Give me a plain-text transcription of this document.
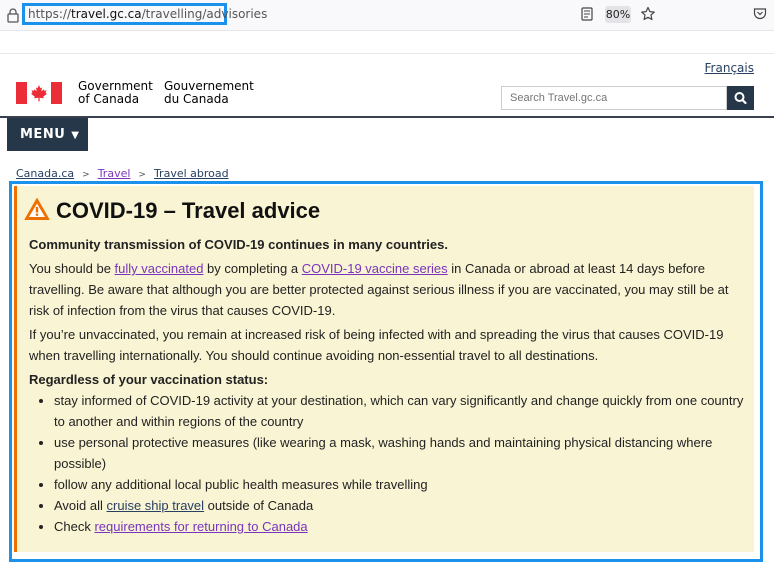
https://travel.gc.ca/travelling/advisories	80%
Français
Government
of Canada
Gouvernement
du Canada
Search Travel.gc.ca
MENU ▼
Canada.ca > Travel > Travel abroad
COVID-19 – Travel advice

Community transmission of COVID-19 continues in many countries.

You should be fully vaccinated by completing a COVID-19 vaccine series in Canada or abroad at least 14 days before travelling. Be aware that although you are better protected against serious illness if you are vaccinated, you may still be at risk of infection from the virus that causes COVID-19.

If you’re unvaccinated, you remain at increased risk of being infected with and spreading the virus that causes COVID-19 when travelling internationally. You should continue avoiding non-essential travel to all destinations.

Regardless of your vaccination status:

• stay informed of COVID-19 activity at your destination, which can vary significantly and change quickly from one country to another and within regions of the country
• use personal protective measures (like wearing a mask, washing hands and maintaining physical distancing where possible)
• follow any additional local public health measures while travelling
• Avoid all cruise ship travel outside of Canada
• Check requirements for returning to Canada
